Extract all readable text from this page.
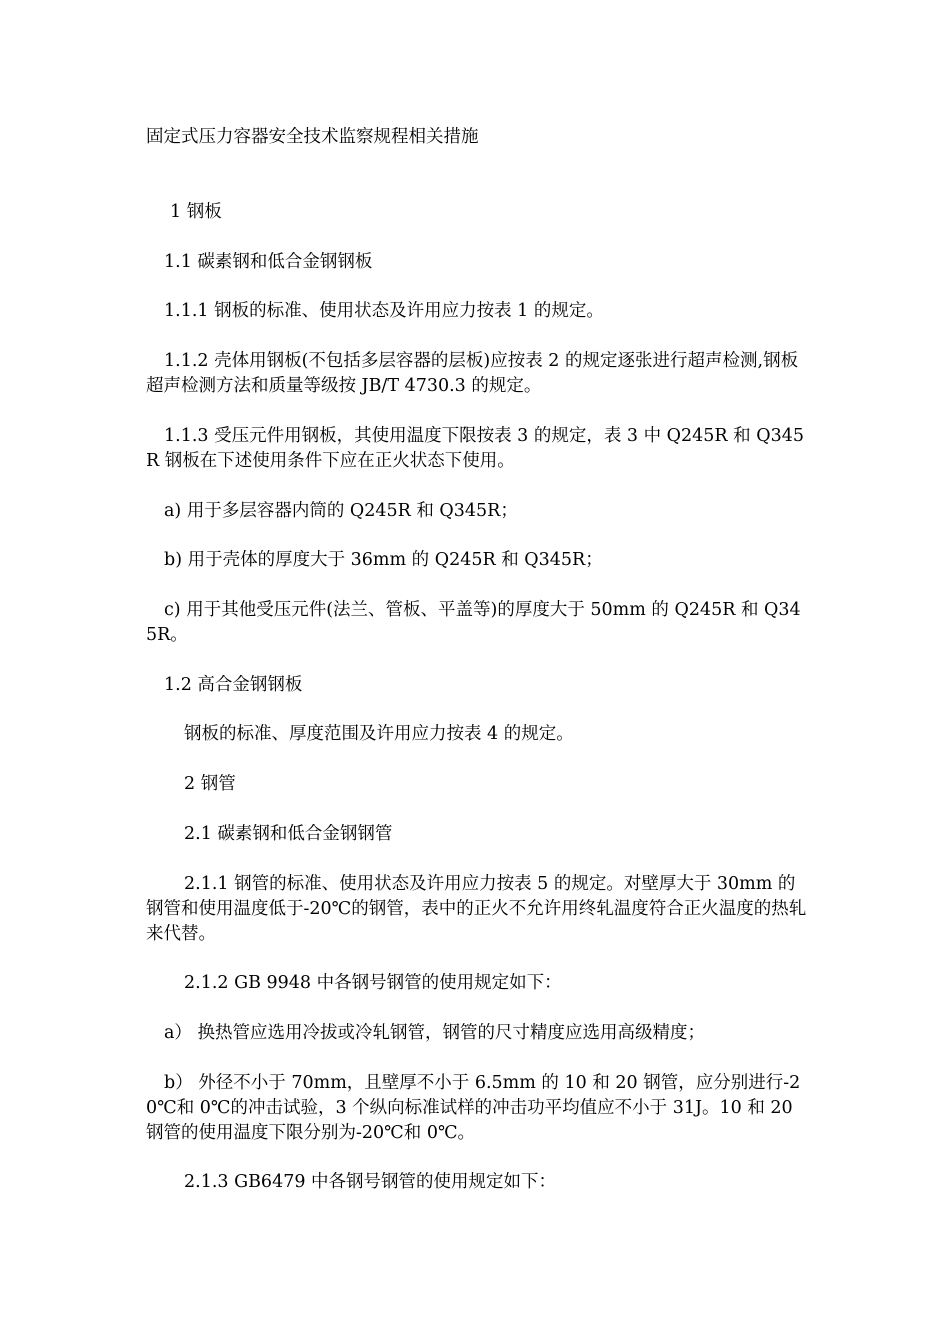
固定式压力容器安全技术监察规程相关措施

1 钢板

1.1 碳素钢和低合金钢钢板

1.1.1 钢板的标准、使用状态及许用应力按表 1 的规定。

1.1.2 壳体用钢板(不包括多层容器的层板)应按表 2 的规定逐张进行超声检测,钢板超声检测方法和质量等级按 JB/T 4730.3 的规定。

1.1.3 受压元件用钢板，其使用温度下限按表 3 的规定，表 3 中 Q245R 和 Q345R 钢板在下述使用条件下应在正火状态下使用。

a) 用于多层容器内筒的 Q245R 和 Q345R；

b) 用于壳体的厚度大于 36mm 的 Q245R 和 Q345R；

c) 用于其他受压元件(法兰、管板、平盖等)的厚度大于 50mm 的 Q245R 和 Q345R。

1.2 高合金钢钢板

钢板的标准、厚度范围及许用应力按表 4 的规定。

2 钢管

2.1 碳素钢和低合金钢钢管

2.1.1 钢管的标准、使用状态及许用应力按表 5 的规定。对壁厚大于 30mm 的钢管和使用温度低于-20℃的钢管，表中的正火不允许用终轧温度符合正火温度的热轧来代替。

2.1.2 GB 9948 中各钢号钢管的使用规定如下：

a） 换热管应选用冷拔或冷轧钢管，钢管的尺寸精度应选用高级精度；

b） 外径不小于 70mm，且壁厚不小于 6.5mm 的 10 和 20 钢管，应分别进行-20℃和 0℃的冲击试验，3 个纵向标准试样的冲击功平均值应不小于 31J。10 和 20 钢管的使用温度下限分别为-20℃和 0℃。

2.1.3 GB6479 中各钢号钢管的使用规定如下：
